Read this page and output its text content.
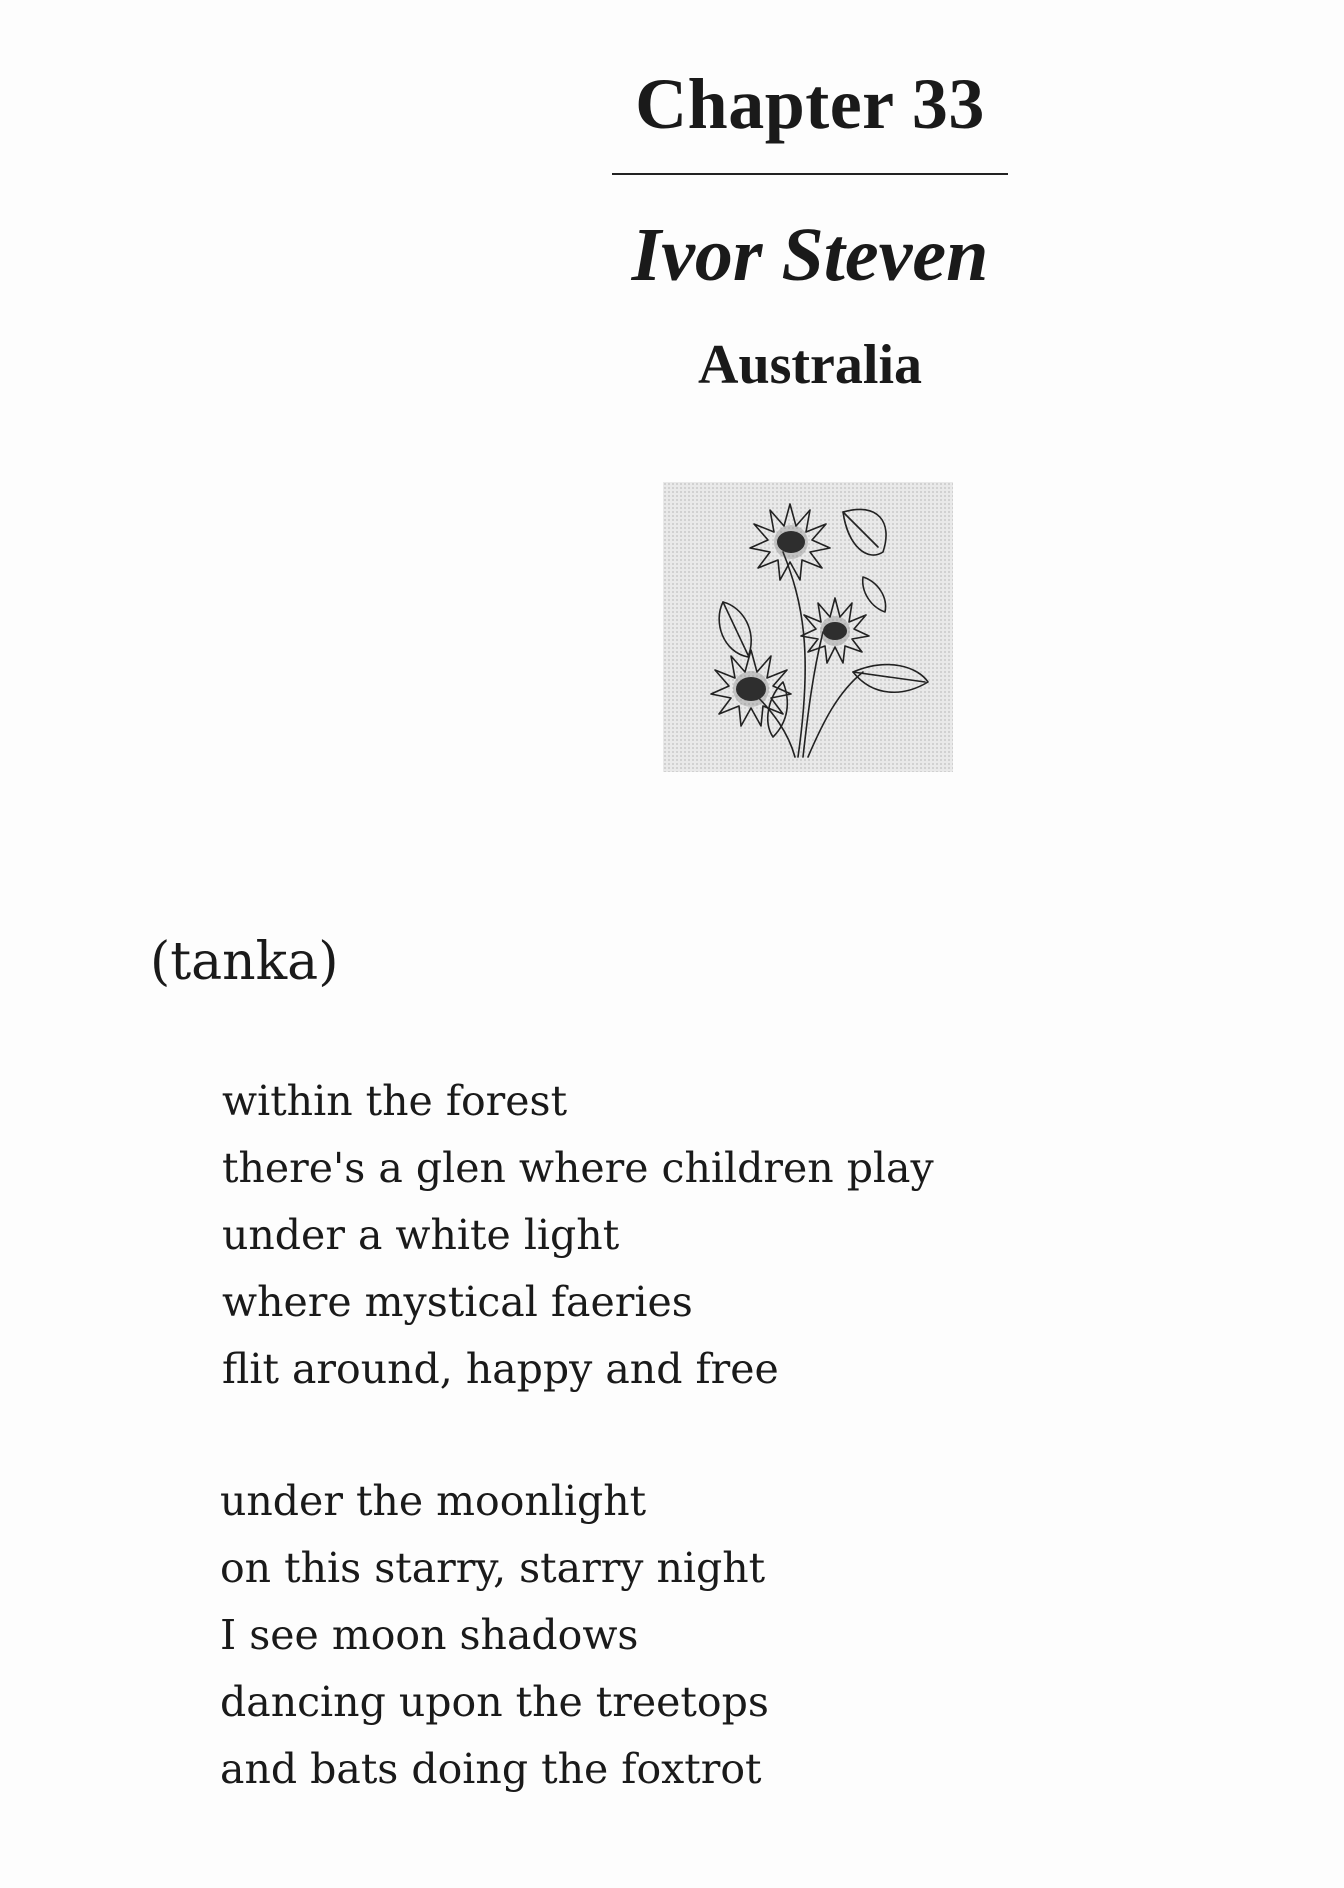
Chapter 33
Ivor Steven
Australia

(tanka)

within the forest
there's a glen where children play
under a white light
where mystical faeries
flit around, happy and free
under the moonlight
on this starry, starry night
I see moon shadows
dancing upon the treetops
and bats doing the foxtrot
